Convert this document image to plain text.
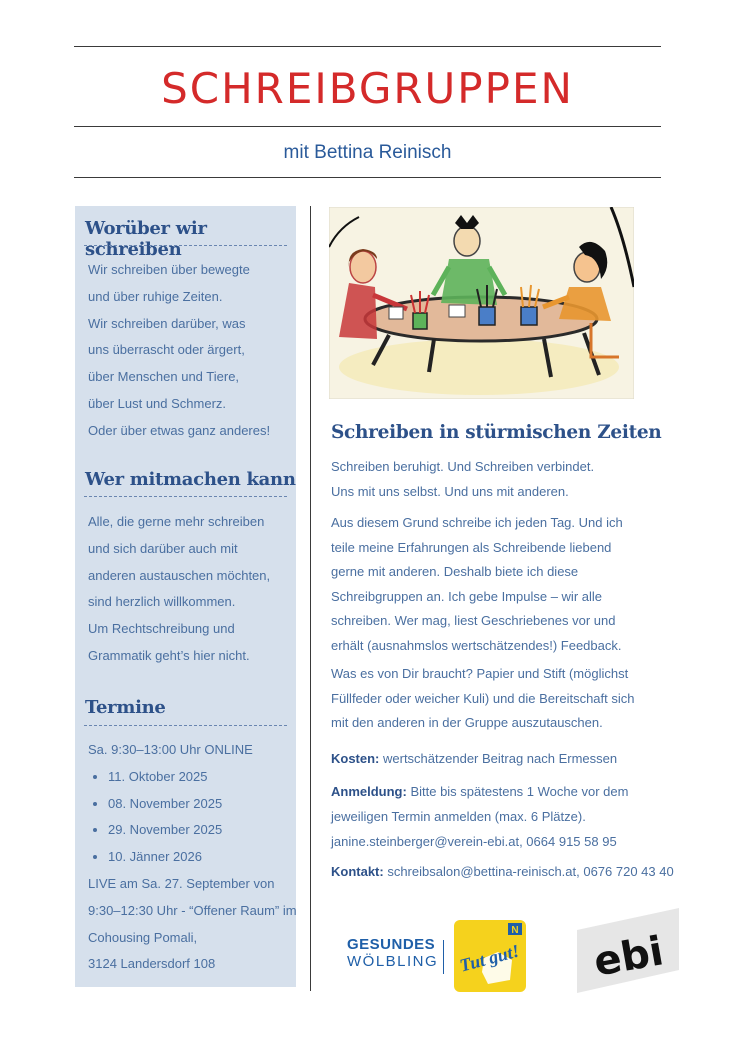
SCHREIBGRUPPEN
mit Bettina Reinisch
Worüber wir schreiben
Wir schreiben über bewegte
und über ruhige Zeiten.
Wir schreiben darüber, was
uns überrascht oder ärgert,
über Menschen und Tiere,
über Lust und Schmerz.
Oder über etwas ganz anderes!
Wer mitmachen kann
Alle, die gerne mehr schreiben
und sich darüber auch mit
anderen austauschen möchten,
sind herzlich willkommen.
Um Rechtschreibung und
Grammatik geht’s hier nicht.
Termine
Sa. 9:30–13:00 Uhr ONLINE
• 11. Oktober 2025
• 08. November 2025
• 29. November 2025
• 10. Jänner 2026
LIVE am Sa. 27. September von
9:30–12:30 Uhr - “Offener Raum” im
Cohousing Pomali,
3124 Landersdorf 108
Schreiben in stürmischen Zeiten
Schreiben beruhigt. Und Schreiben verbindet.
Uns mit uns selbst. Und uns mit anderen.
Aus diesem Grund schreibe ich jeden Tag. Und ich
teile meine Erfahrungen als Schreibende liebend
gerne mit anderen. Deshalb biete ich diese
Schreibgruppen an. Ich gebe Impulse – wir alle
schreiben. Wer mag, liest Geschriebenes vor und
erhält (ausnahmslos wertschätzendes!) Feedback.
Was es von Dir braucht? Papier und Stift (möglichst
Füllfeder oder weicher Kuli) und die Bereitschaft sich
mit den anderen in der Gruppe auszutauschen.
Kosten: wertschätzender Beitrag nach Ermessen
Anmeldung: Bitte bis spätestens 1 Woche vor dem
jeweiligen Termin anmelden (max. 6 Plätze).
janine.steinberger@verein-ebi.at, 0664 915 58 95
Kontakt: schreibsalon@bettina-reinisch.at, 0676 720 43 40
GESUNDES
WÖLBLING
N
Tut gut! ebi
